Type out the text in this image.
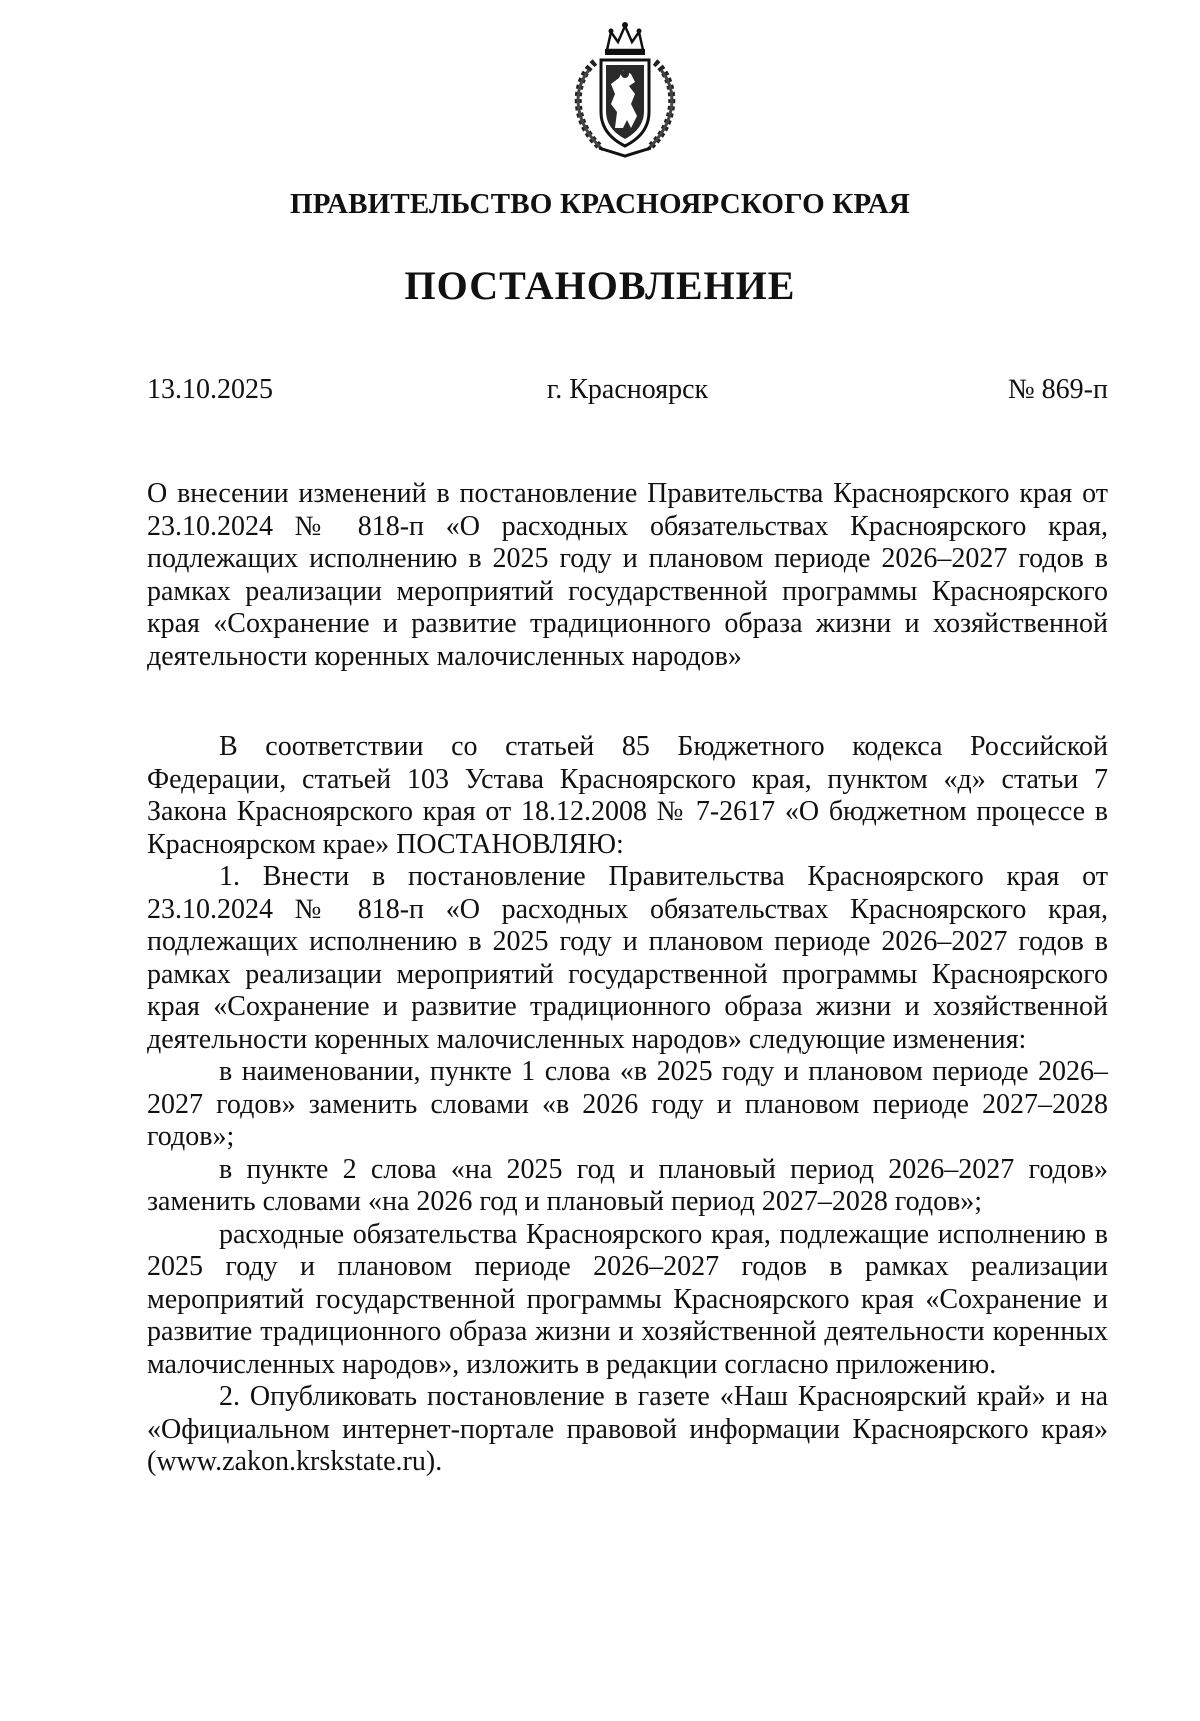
ПРАВИТЕЛЬСТВО КРАСНОЯРСКОГО КРАЯ
ПОСТАНОВЛЕНИЕ
13.10.2025	г. Красноярск	№ 869-п
О внесении изменений в постановление Правительства Красноярского края от 23.10.2024 № 818-п «О расходных обязательствах Красноярского края, подлежащих исполнению в 2025 году и плановом периоде 2026–2027 годов в рамках реализации мероприятий государственной программы Красноярского края «Сохранение и развитие традиционного образа жизни и хозяйственной деятельности коренных малочисленных народов»

В соответствии со статьей 85 Бюджетного кодекса Российской Федерации, статьей 103 Устава Красноярского края, пунктом «д» статьи 7 Закона Красноярского края от 18.12.2008 № 7-2617 «О бюджетном процессе в Красноярском крае» ПОСТАНОВЛЯЮ:

1. Внести в постановление Правительства Красноярского края от 23.10.2024 № 818-п «О расходных обязательствах Красноярского края, подлежащих исполнению в 2025 году и плановом периоде 2026–2027 годов в рамках реализации мероприятий государственной программы Красноярского края «Сохранение и развитие традиционного образа жизни и хозяйственной деятельности коренных малочисленных народов» следующие изменения:

в наименовании, пункте 1 слова «в 2025 году и плановом периоде 2026–2027 годов» заменить словами «в 2026 году и плановом периоде 2027–2028 годов»;

в пункте 2 слова «на 2025 год и плановый период 2026–2027 годов» заменить словами «на 2026 год и плановый период 2027–2028 годов»;

расходные обязательства Красноярского края, подлежащие исполнению в 2025 году и плановом периоде 2026–2027 годов в рамках реализации мероприятий государственной программы Красноярского края «Сохранение и развитие традиционного образа жизни и хозяйственной деятельности коренных малочисленных народов», изложить в редакции согласно приложению.

2. Опубликовать постановление в газете «Наш Красноярский край» и на «Официальном интернет-портале правовой информации Красноярского края» (www.zakon.krskstate.ru).
